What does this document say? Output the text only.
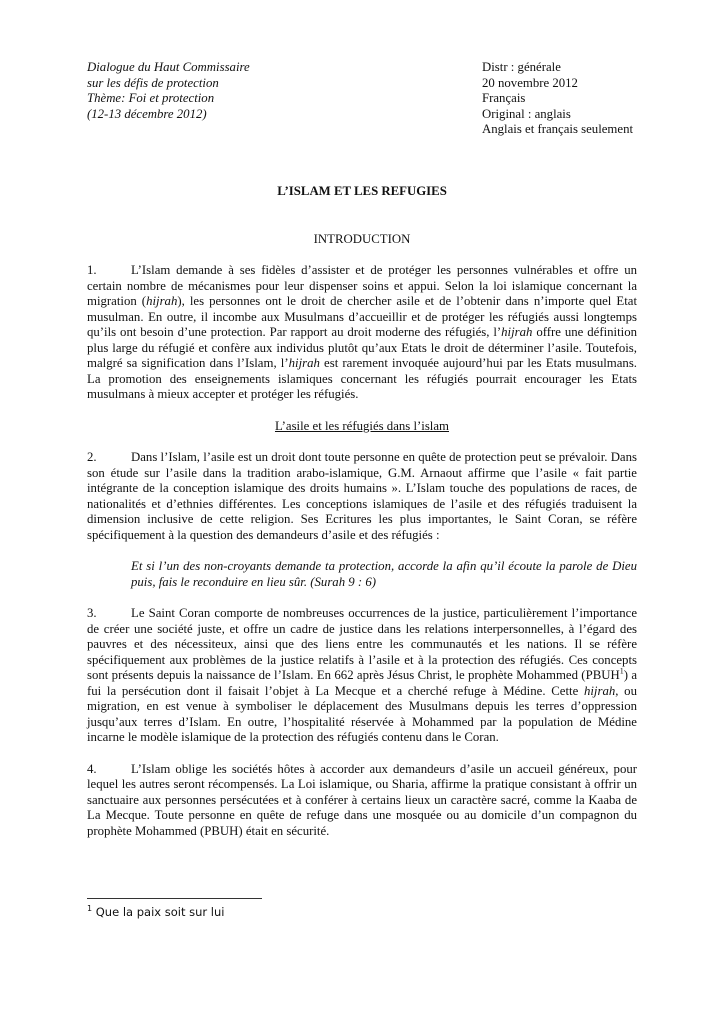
Dialogue du Haut Commissaire
sur les défis de protection
Thème: Foi et protection
(12-13 décembre 2012)
Distr : générale
20 novembre 2012
Français
Original : anglais
Anglais et français seulement
L’ISLAM ET LES REFUGIES
INTRODUCTION

1.	L’Islam demande à ses fidèles d’assister et de protéger les personnes vulnérables et offre un certain nombre de mécanismes pour leur dispenser soins et appui. Selon la loi islamique concernant la migration (hijrah), les personnes ont le droit de chercher asile et de l’obtenir dans n’importe quel Etat musulman. En outre, il incombe aux Musulmans d’accueillir et de protéger les réfugiés aussi longtemps qu’ils ont besoin d’une protection. Par rapport au droit moderne des réfugiés, l’hijrah offre une définition plus large du réfugié et confère aux individus plutôt qu’aux Etats le droit de déterminer l’asile. Toutefois, malgré sa signification dans l’Islam, l’hijrah est rarement invoquée aujourd’hui par les Etats musulmans. La promotion des enseignements islamiques concernant les réfugiés pourrait encourager les Etats musulmans à mieux accepter et protéger les réfugiés.

L’asile et les réfugiés dans l’islam

2.	Dans l’Islam, l’asile est un droit dont toute personne en quête de protection peut se prévaloir. Dans son étude sur l’asile dans la tradition arabo-islamique, G.M. Arnaout affirme que l’asile « fait partie intégrante de la conception islamique des droits humains ». L’Islam touche des populations de races, de nationalités et d’ethnies différentes. Les conceptions islamiques de l’asile et des réfugiés traduisent la dimension inclusive de cette religion. Ses Ecritures les plus importantes, le Saint Coran, se réfère spécifiquement à la question des demandeurs d’asile et des réfugiés :

Et si l’un des non-croyants demande ta protection, accorde la afin qu’il écoute la parole de Dieu puis, fais le reconduire en lieu sûr. (Surah 9 : 6)

3.	Le Saint Coran comporte de nombreuses occurrences de la justice, particulièrement l’importance de créer une société juste, et offre un cadre de justice dans les relations interpersonnelles, à l’égard des pauvres et des nécessiteux, ainsi que des liens entre les communautés et les nations. Il se réfère spécifiquement aux problèmes de la justice relatifs à l’asile et à la protection des réfugiés. Ces concepts sont présents depuis la naissance de l’Islam. En 662 après Jésus Christ, le prophète Mohammed (PBUH$^1$) a fui la persécution dont il faisait l’objet à La Mecque et a cherché refuge à Médine. Cette hijrah, ou migration, en est venue à symboliser le déplacement des Musulmans depuis les terres d’oppression jusqu’aux terres d’Islam. En outre, l’hospitalité réservée à Mohammed par la population de Médine incarne le modèle islamique de la protection des réfugiés contenu dans le Coran.

4.	L’Islam oblige les sociétés hôtes à accorder aux demandeurs d’asile un accueil généreux, pour lequel les autres seront récompensés. La Loi islamique, ou Sharia, affirme la pratique consistant à offrir un sanctuaire aux personnes persécutées et à conférer à certains lieux un caractère sacré, comme la Kaaba de La Mecque. Toute personne en quête de refuge dans une mosquée ou au domicile d’un compagnon du prophète Mohammed (PBUH) était en sécurité.

$^1$ Que la paix soit sur lui
